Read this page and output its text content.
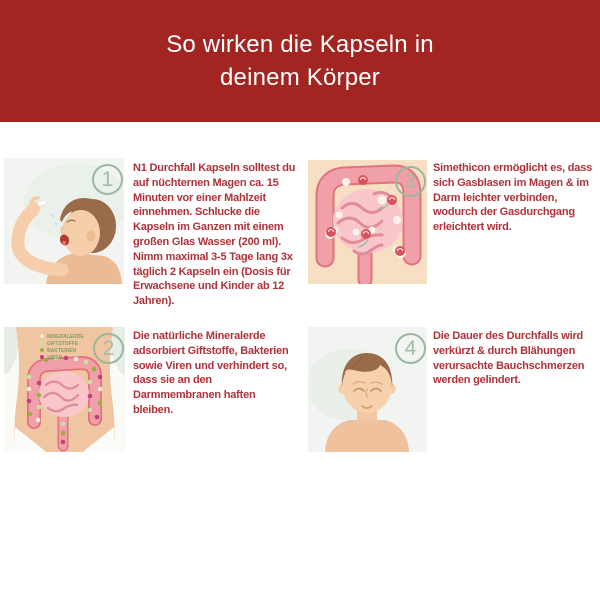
So wirken die Kapseln in deinem Körper
1 N1 Durchfall Kapseln solltest du auf nüchternen Magen ca. 15 Minuten vor einer Mahlzeit einnehmen. Schlucke die Kapseln im Ganzen mit einem großen Glas Wasser (200 ml). Nimm maximal 3-5 Tage lang 3x täglich 2 Kapseln ein (Dosis für Erwachsene und Kinder ab 12 Jahren).

3

Simethicon ermöglicht es, dass sich Gasblasen im Magen & im Darm leichter verbinden, wodurch der Gasdurchgang erleichtert wird.

MINERALERDE
GIFTSTOFFE
BAKTERIEN
VIREN 2

Die natürliche Mineralerde adsorbiert Giftstoffe, Bakterien sowie Viren und verhindert so, dass sie an den Darmmembranen haften bleiben.

4

Die Dauer des Durchfalls wird verkürzt & durch Blähungen verursachte Bauchschmerzen werden gelindert.
